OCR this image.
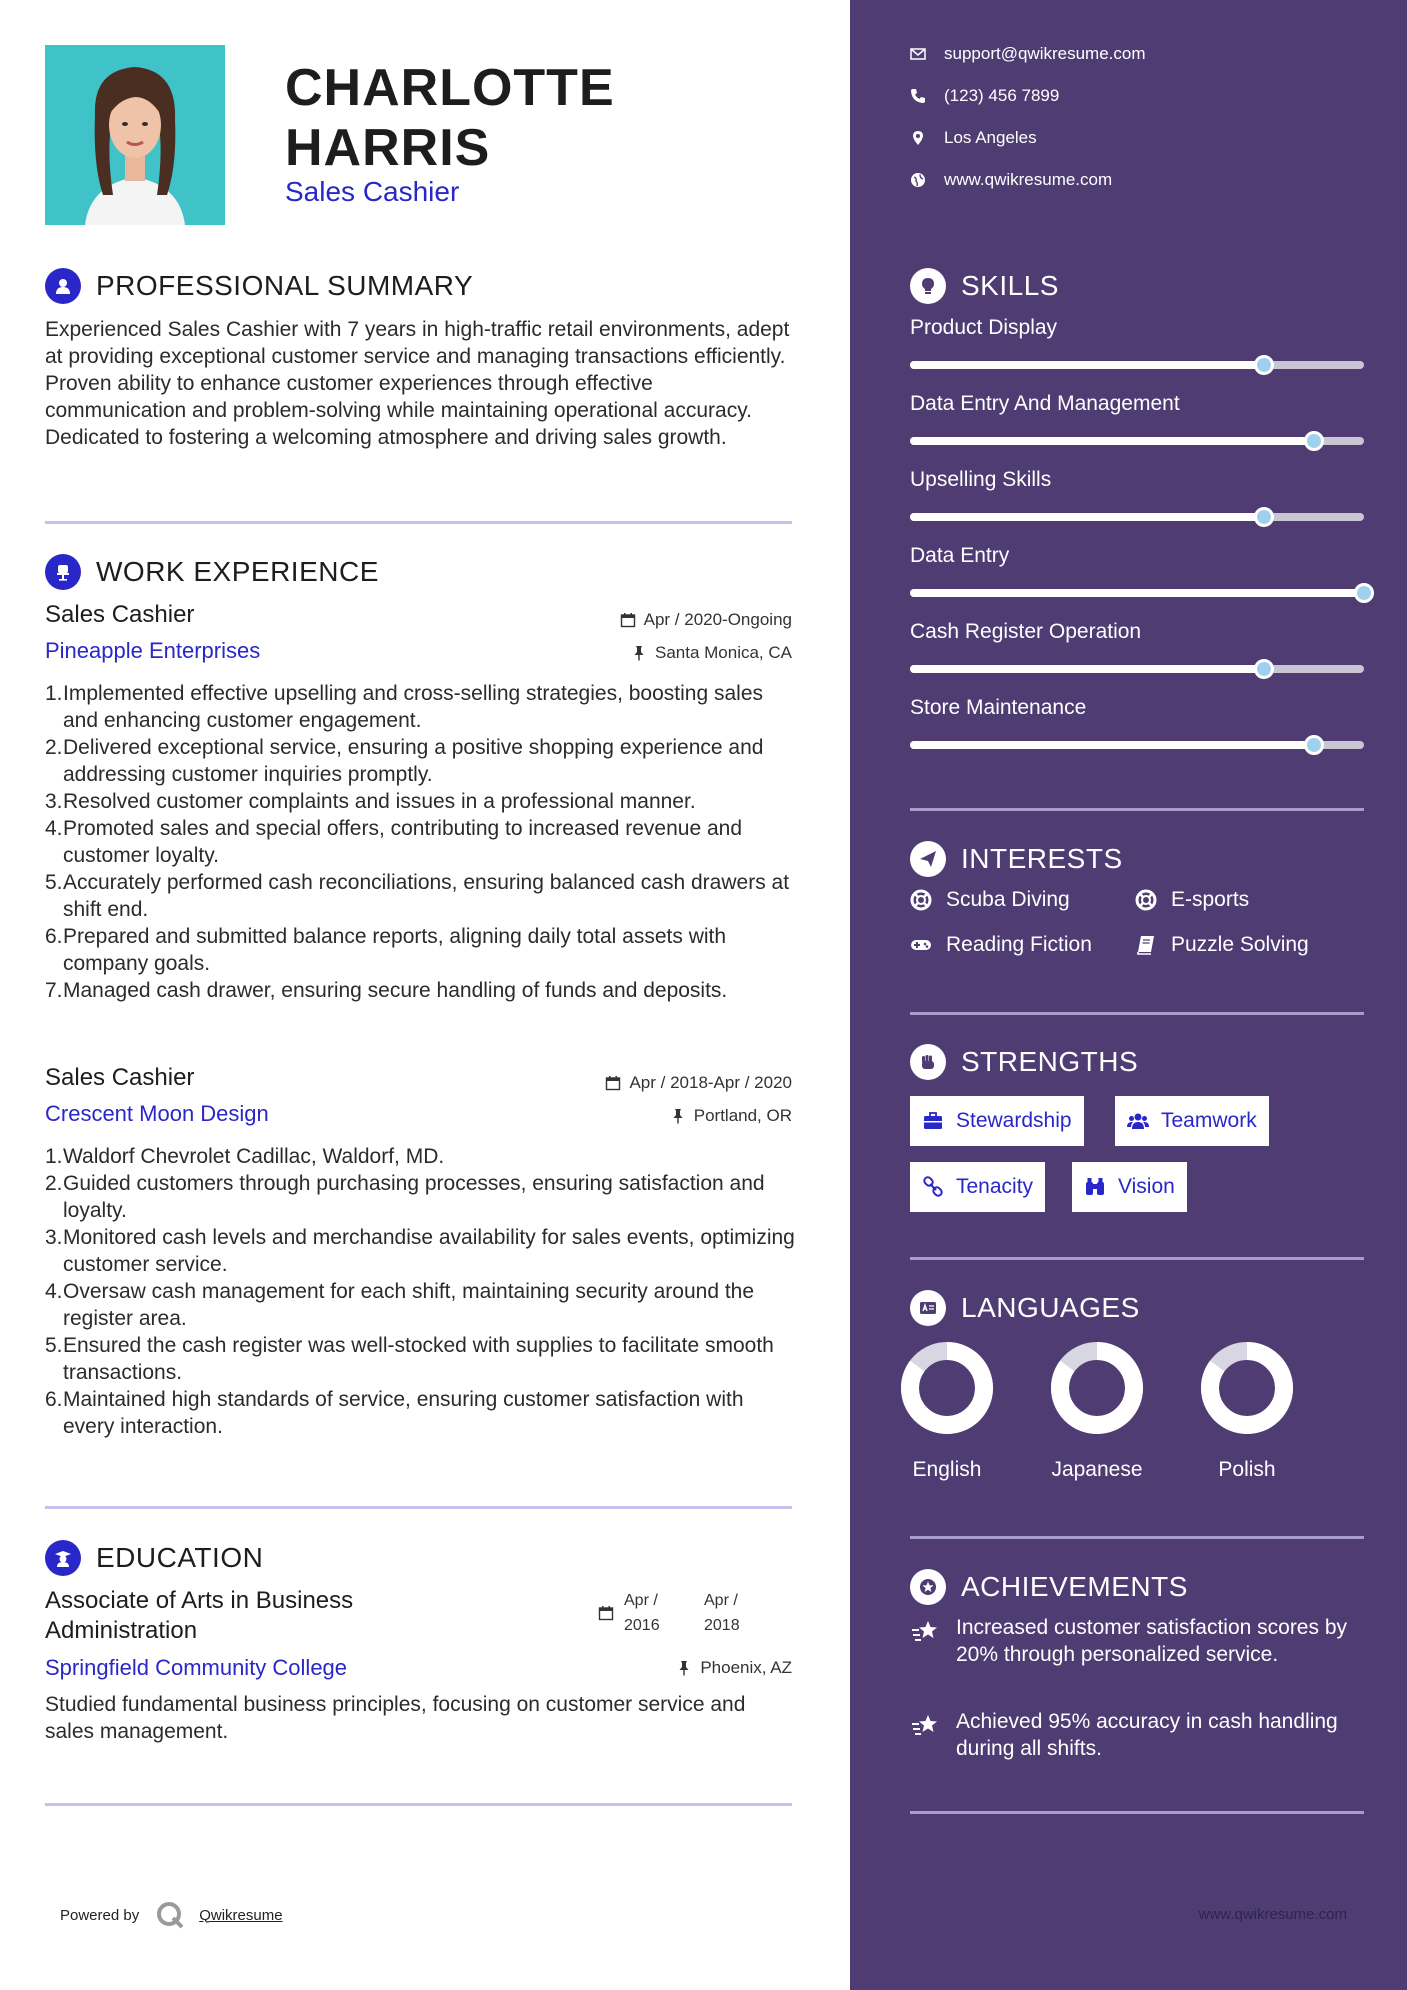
CHARLOTTE
HARRIS
Sales Cashier
PROFESSIONAL SUMMARY
Experienced Sales Cashier with 7 years in high-traffic retail environments, adept at providing exceptional customer service and managing transactions efficiently. Proven ability to enhance customer experiences through effective communication and problem-solving while maintaining operational accuracy. Dedicated to fostering a welcoming atmosphere and driving sales growth.
WORK EXPERIENCE
Sales Cashier
Pineapple Enterprises
Apr / 2020-Ongoing
Santa Monica, CA
1.Implemented effective upselling and cross-selling strategies, boosting sales and enhancing customer engagement.
2.Delivered exceptional service, ensuring a positive shopping experience and addressing customer inquiries promptly.
3.Resolved customer complaints and issues in a professional manner.
4.Promoted sales and special offers, contributing to increased revenue and customer loyalty.
5.Accurately performed cash reconciliations, ensuring balanced cash drawers at shift end.
6.Prepared and submitted balance reports, aligning daily total assets with company goals.
7.Managed cash drawer, ensuring secure handling of funds and deposits.
Sales Cashier
Crescent Moon Design
Apr / 2018-Apr / 2020
Portland, OR
1.Waldorf Chevrolet Cadillac, Waldorf, MD.
2.Guided customers through purchasing processes, ensuring satisfaction and loyalty.
3.Monitored cash levels and merchandise availability for sales events, optimizing customer service.
4.Oversaw cash management for each shift, maintaining security around the register area.
5.Ensured the cash register was well-stocked with supplies to facilitate smooth transactions.
6.Maintained high standards of service, ensuring customer satisfaction with every interaction.
EDUCATION
Associate of Arts in Business
Administration
Springfield Community College
Apr /
2016
Apr /
2018
Phoenix, AZ
Studied fundamental business principles, focusing on customer service and sales management.
Powered by	Qwikresume
support@qwikresume.com
(123) 456 7899
Los Angeles
www.qwikresume.com
SKILLS
Product Display
Data Entry And Management
Upselling Skills
Data Entry
Cash Register Operation
Store Maintenance
INTERESTS
Scuba Diving	E-sports
Reading Fiction	Puzzle Solving
STRENGTHS
Stewardship	Teamwork
Tenacity	Vision
LANGUAGES
English	Japanese	Polish
ACHIEVEMENTS
Increased customer satisfaction scores by 20% through personalized service.
Achieved 95% accuracy in cash handling during all shifts.
www.qwikresume.com
